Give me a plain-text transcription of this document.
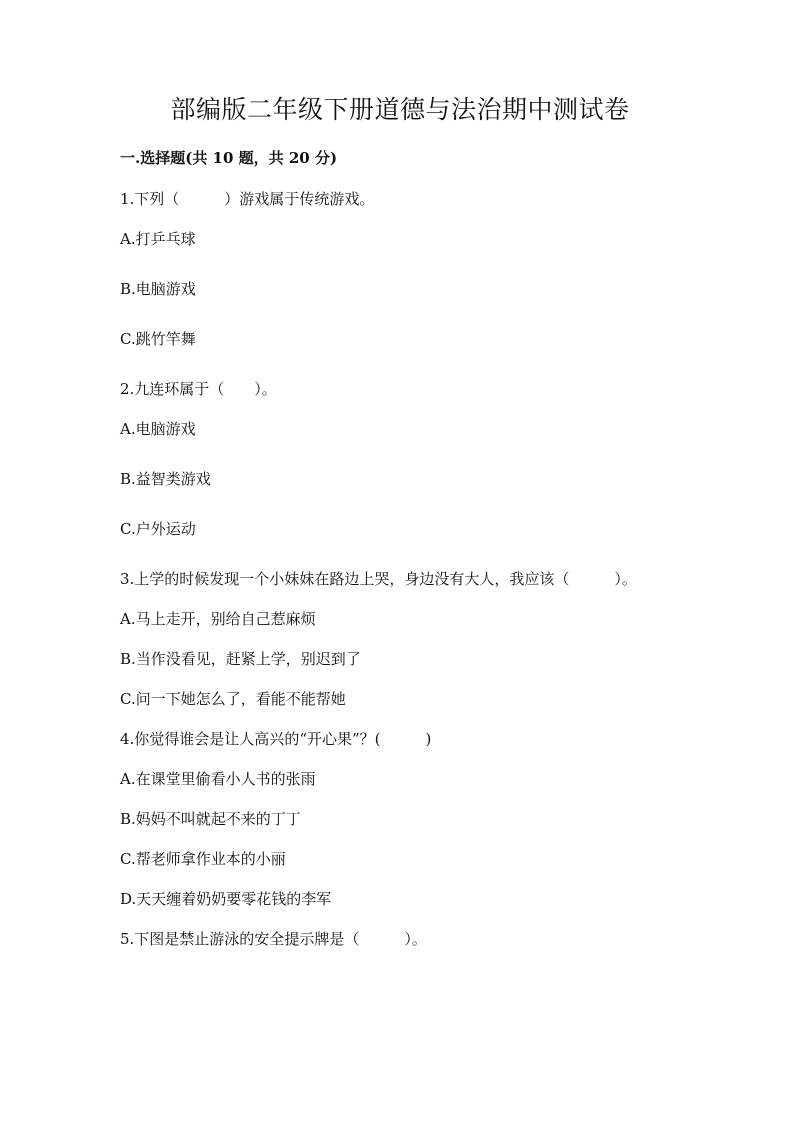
部编版二年级下册道德与法治期中测试卷
一.选择题(共 10 题，共 20 分)
1.下列（　　　）游戏属于传统游戏。
A.打乒乓球
B.电脑游戏
C.跳竹竿舞
2.九连环属于（　　）。
A.电脑游戏
B.益智类游戏
C.户外运动
3.上学的时候发现一个小妹妹在路边上哭，身边没有大人，我应该（　　　）。
A.马上走开，别给自己惹麻烦
B.当作没看见，赶紧上学，别迟到了
C.问一下她怎么了，看能不能帮她
4.你觉得谁会是让人高兴的“开心果”？(　　　)
A.在课堂里偷看小人书的张雨
B.妈妈不叫就起不来的丁丁
C.帮老师拿作业本的小丽
D.天天缠着奶奶要零花钱的李军
5.下图是禁止游泳的安全提示牌是（　　　）。
